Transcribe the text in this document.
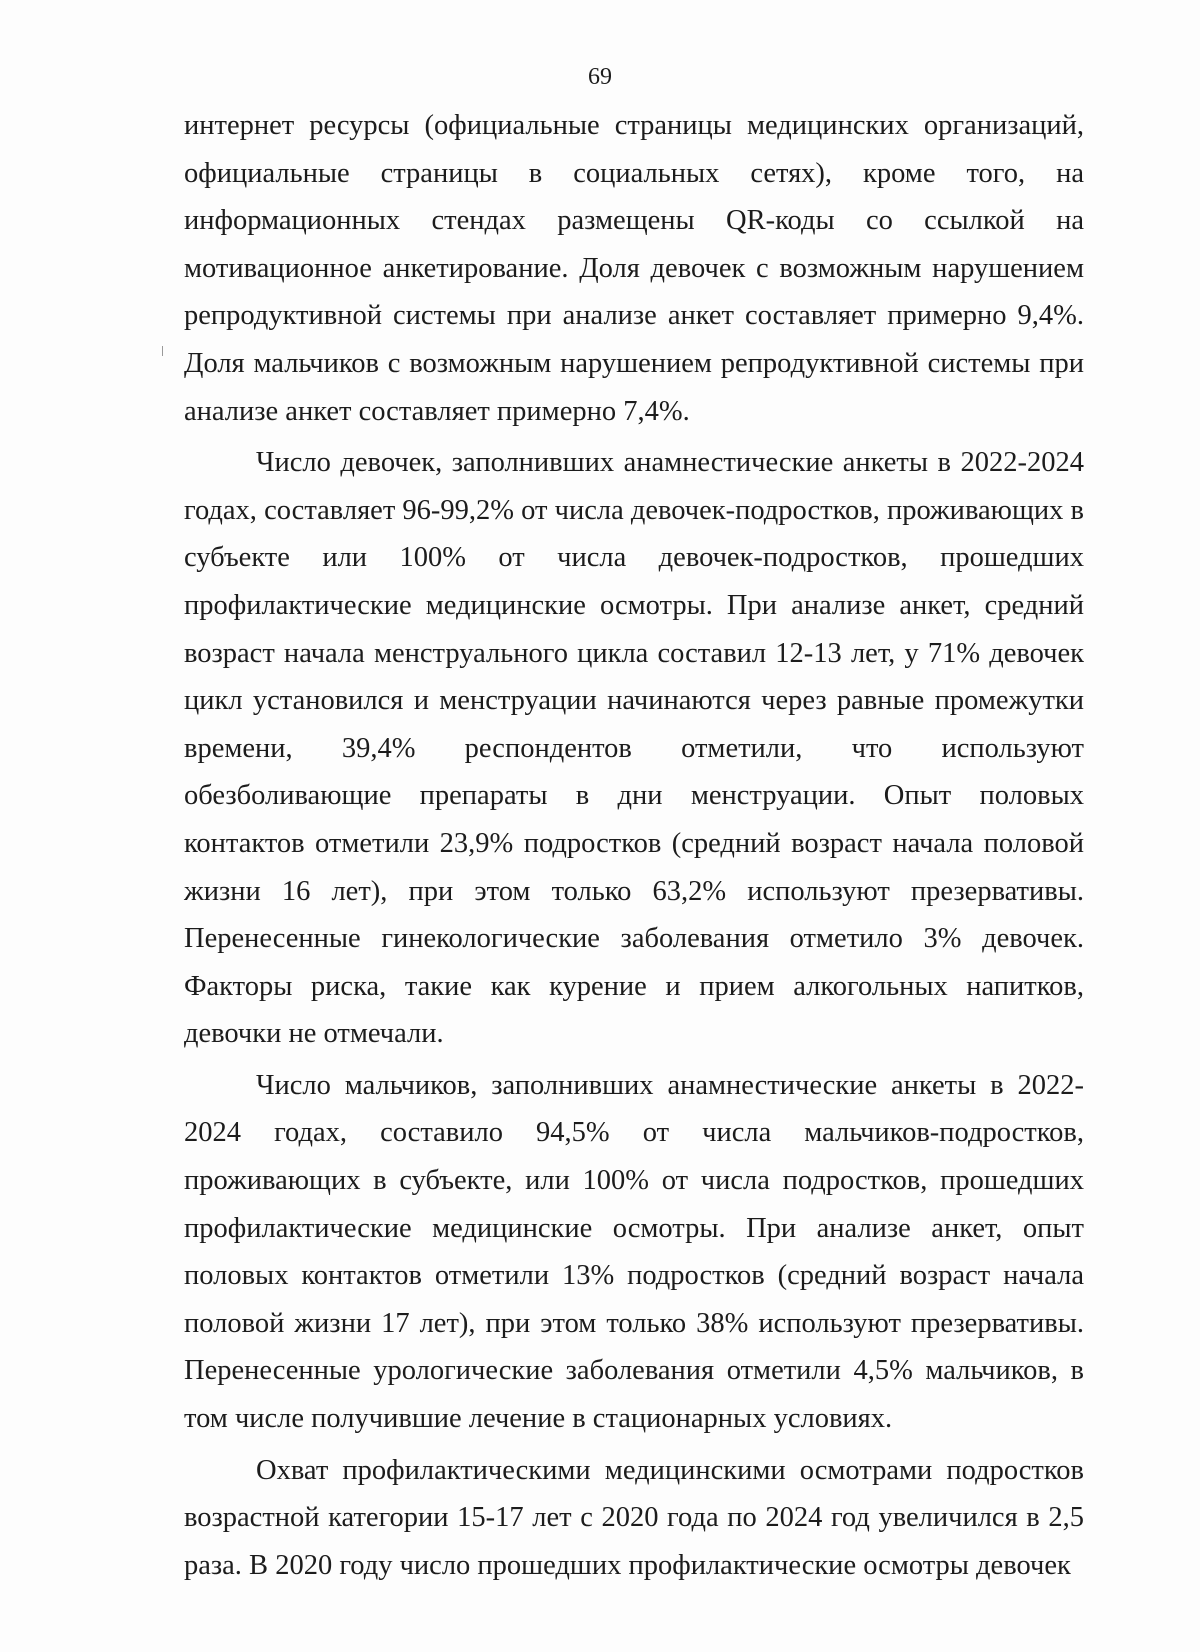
69

интернет ресурсы (официальные страницы медицинских организаций, официальные страницы в социальных сетях), кроме того, на информационных стендах размещены QR-коды со ссылкой на мотивационное анкетирование. Доля девочек с возможным нарушением репродуктивной системы при анализе анкет составляет примерно 9,4%. Доля мальчиков с возможным нарушением репродуктивной системы при анализе анкет составляет примерно 7,4%.

Число девочек, заполнивших анамнестические анкеты в 2022-2024 годах, составляет 96-99,2% от числа девочек-подростков, проживающих в субъекте или 100% от числа девочек-подростков, прошедших профилактические медицинские осмотры. При анализе анкет, средний возраст начала менструального цикла составил 12-13 лет, у 71% девочек цикл установился и менструации начинаются через равные промежутки времени, 39,4% респондентов отметили, что используют обезболивающие препараты в дни менструации. Опыт половых контактов отметили 23,9% подростков (средний возраст начала половой жизни 16 лет), при этом только 63,2% используют презервативы. Перенесенные гинекологические заболевания отметило 3% девочек. Факторы риска, такие как курение и прием алкогольных напитков, девочки не отмечали.

Число мальчиков, заполнивших анамнестические анкеты в 2022-2024 годах, составило 94,5% от числа мальчиков-подростков, проживающих в субъекте, или 100% от числа подростков, прошедших профилактические медицинские осмотры. При анализе анкет, опыт половых контактов отметили 13% подростков (средний возраст начала половой жизни 17 лет), при этом только 38% используют презервативы. Перенесенные урологические заболевания отметили 4,5% мальчиков, в том числе получившие лечение в стационарных условиях.

Охват профилактическими медицинскими осмотрами подростков возрастной категории 15-17 лет с 2020 года по 2024 год увеличился в 2,5 раза. В 2020 году число прошедших профилактические осмотры девочек
